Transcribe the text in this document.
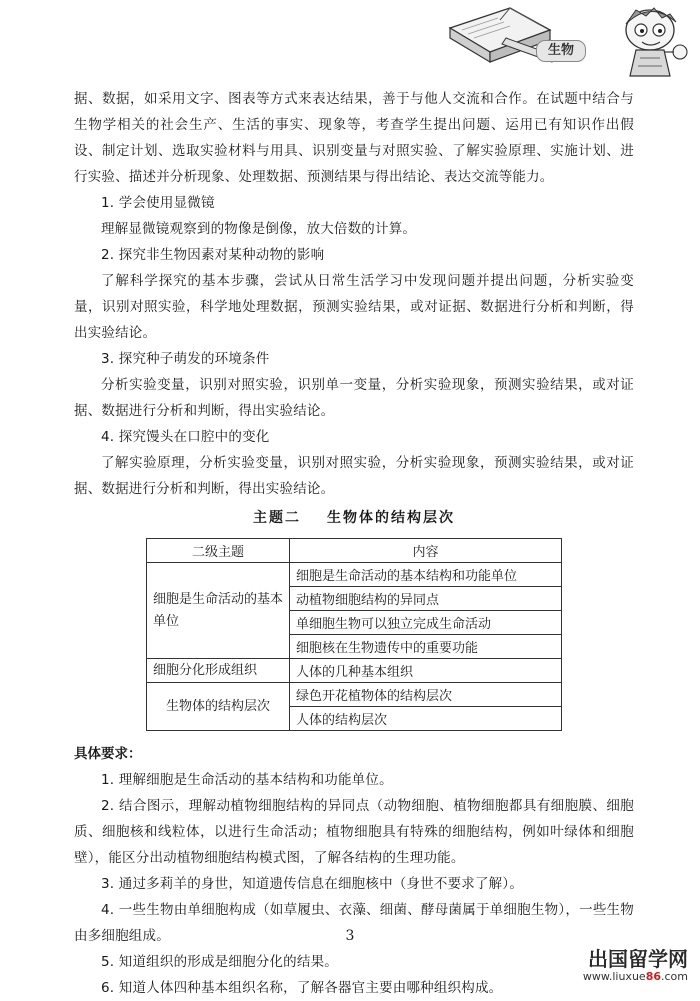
生物

据、数据，如采用文字、图表等方式来表达结果，善于与他人交流和合作。在试题中结合与生物学相关的社会生产、生活的事实、现象等，考查学生提出问题、运用已有知识作出假设、制定计划、选取实验材料与用具、识别变量与对照实验、了解实验原理、实施计划、进行实验、描述并分析现象、处理数据、预测结果与得出结论、表达交流等能力。

1. 学会使用显微镜

理解显微镜观察到的物像是倒像，放大倍数的计算。

2. 探究非生物因素对某种动物的影响

了解科学探究的基本步骤，尝试从日常生活学习中发现问题并提出问题，分析实验变量，识别对照实验，科学地处理数据，预测实验结果，或对证据、数据进行分析和判断，得出实验结论。

3. 探究种子萌发的环境条件

分析实验变量，识别对照实验，识别单一变量，分析实验现象，预测实验结果，或对证据、数据进行分析和判断，得出实验结论。

4. 探究馒头在口腔中的变化

了解实验原理，分析实验变量，识别对照实验，分析实验现象，预测实验结果，或对证据、数据进行分析和判断，得出实验结论。

主题二 生物体的结构层次
二级主题	内容
细胞是生命活动的基本单位	细胞是生命活动的基本结构和功能单位
	动植物细胞结构的异同点
	单细胞生物可以独立完成生命活动
	细胞核在生物遗传中的重要功能
细胞分化形成组织	人体的几种基本组织
生物体的结构层次	绿色开花植物体的结构层次
	人体的结构层次
具体要求：

1. 理解细胞是生命活动的基本结构和功能单位。

2. 结合图示，理解动植物细胞结构的异同点（动物细胞、植物细胞都具有细胞膜、细胞质、细胞核和线粒体，以进行生命活动；植物细胞具有特殊的细胞结构，例如叶绿体和细胞壁），能区分出动植物细胞结构模式图，了解各结构的生理功能。

3. 通过多莉羊的身世，知道遗传信息在细胞核中（身世不要求了解）。

4. 一些生物由单细胞构成（如草履虫、衣藻、细菌、酵母菌属于单细胞生物），一些生物由多细胞组成。

5. 知道组织的形成是细胞分化的结果。

6. 知道人体四种基本组织名称，了解各器官主要由哪种组织构成。

3
出国留学网
www.liuxue86.com
